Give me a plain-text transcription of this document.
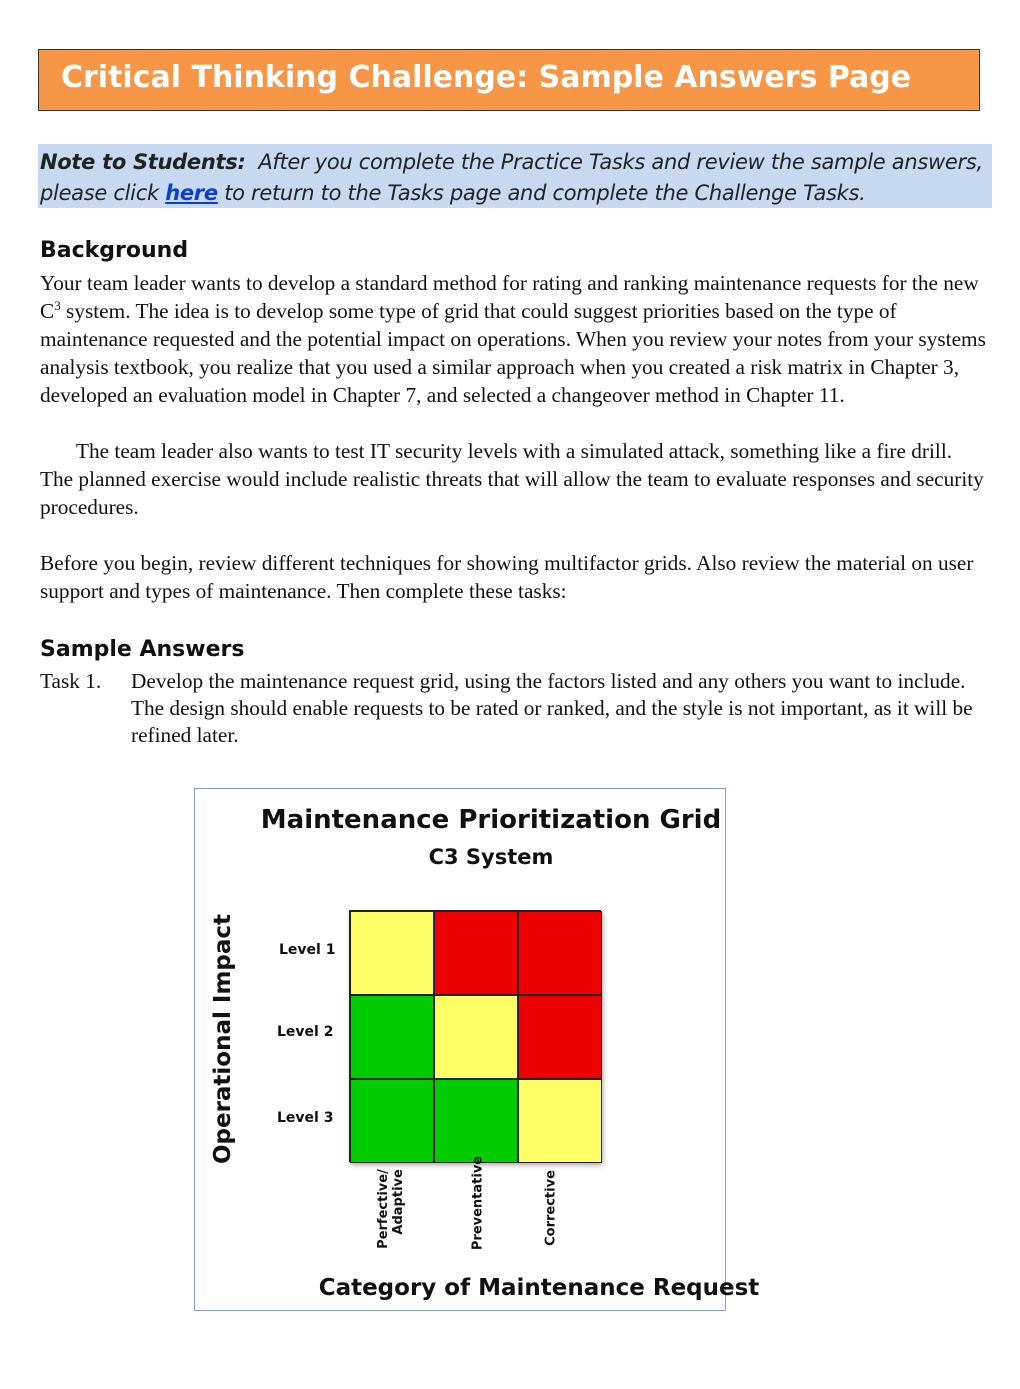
Critical Thinking Challenge: Sample Answers Page
Note to Students: After you complete the Practice Tasks and review the sample answers, please click here to return to the Tasks page and complete the Challenge Tasks.
Background

Your team leader wants to develop a standard method for rating and ranking maintenance requests for the new $C^3$ system. The idea is to develop some type of grid that could suggest priorities based on the type of maintenance requested and the potential impact on operations. When you review your notes from your systems analysis textbook, you realize that you used a similar approach when you created a risk matrix in Chapter 3, developed an evaluation model in Chapter 7, and selected a changeover method in Chapter 11.

The team leader also wants to test IT security levels with a simulated attack, something like a fire drill. The planned exercise would include realistic threats that will allow the team to evaluate responses and security procedures.

Before you begin, review different techniques for showing multifactor grids. Also review the material on user support and types of maintenance. Then complete these tasks:

Sample Answers
Task 1. Develop the maintenance request grid, using the factors listed and any others you want to include. The design should enable requests to be rated or ranked, and the style is not important, as it will be refined later.
Maintenance Prioritization Grid
C3 System
Operational Impact	Level 1
Level 2
Level 3
Perfective/ Adaptive	Preventative	Corrective
Category of Maintenance Request
